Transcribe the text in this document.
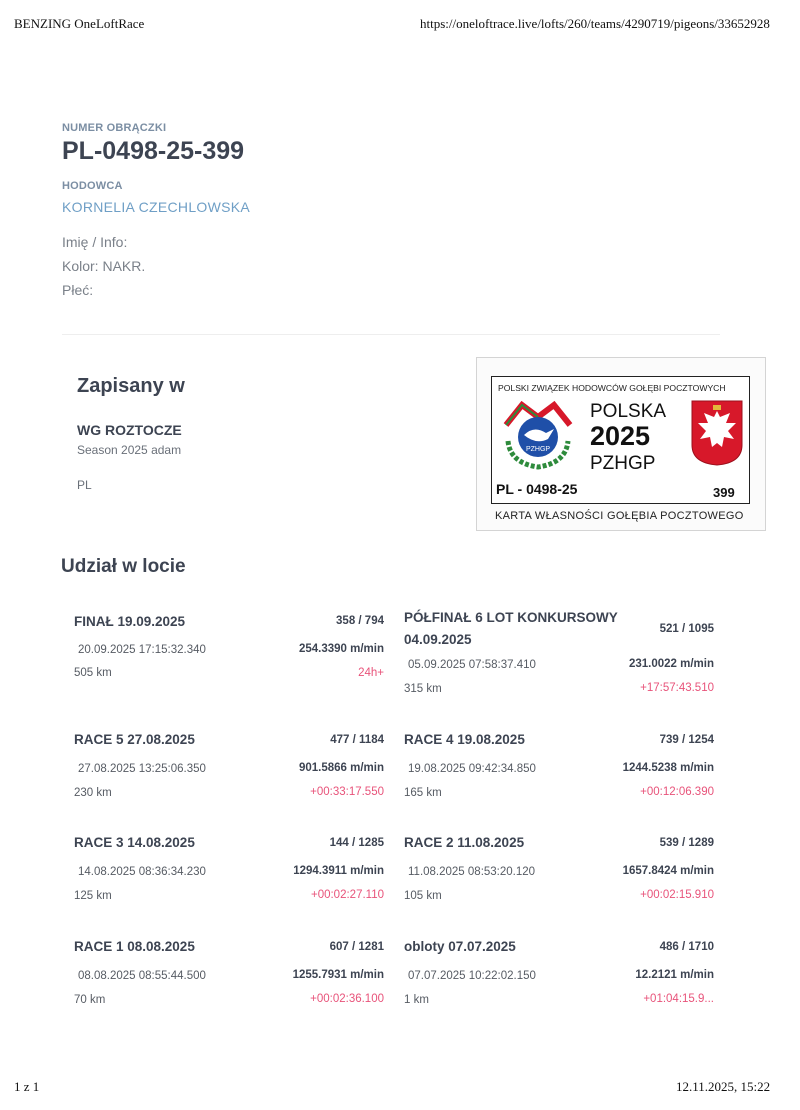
BENZING OneLoftRace	https://oneloftrace.live/lofts/260/teams/4290719/pigeons/33652928
1 z 1	12.11.2025, 15:22
NUMER OBRĄCZKI
PL-0498-25-399
HODOWCA
KORNELIA CZECHLOWSKA
Imię / Info:
Kolor: NAKR.
Płeć:
Zapisany w
WG ROZTOCZE
Season 2025 adam
PL
POLSKI ZWIĄZEK HODOWCÓW GOŁĘBI POCZTOWYCH
PZHGP
POLSKA
2025
PZHGP
PL - 0498-25	399
KARTA WŁASNOŚCI GOŁĘBIA POCZTOWEGO
Udział w locie
FINAŁ 19.09.2025	358 / 794
20.09.2025 17:15:32.340	254.3390 m/min
505 km	24h+
PÓŁFINAŁ 6 LOT KONKURSOWY 04.09.2025
521 / 1095
05.09.2025 07:58:37.410	231.0022 m/min
315 km	+17:57:43.510
RACE 5 27.08.2025	477 / 1184
27.08.2025 13:25:06.350	901.5866 m/min
230 km	+00:33:17.550
RACE 4 19.08.2025	739 / 1254
19.08.2025 09:42:34.850	1244.5238 m/min
165 km	+00:12:06.390
RACE 3 14.08.2025	144 / 1285
14.08.2025 08:36:34.230	1294.3911 m/min
125 km	+00:02:27.110
RACE 2 11.08.2025	539 / 1289
11.08.2025 08:53:20.120	1657.8424 m/min
105 km	+00:02:15.910
RACE 1 08.08.2025	607 / 1281
08.08.2025 08:55:44.500	1255.7931 m/min
70 km	+00:02:36.100
obloty 07.07.2025	486 / 1710
07.07.2025 10:22:02.150	12.2121 m/min
1 km	+01:04:15.9...
